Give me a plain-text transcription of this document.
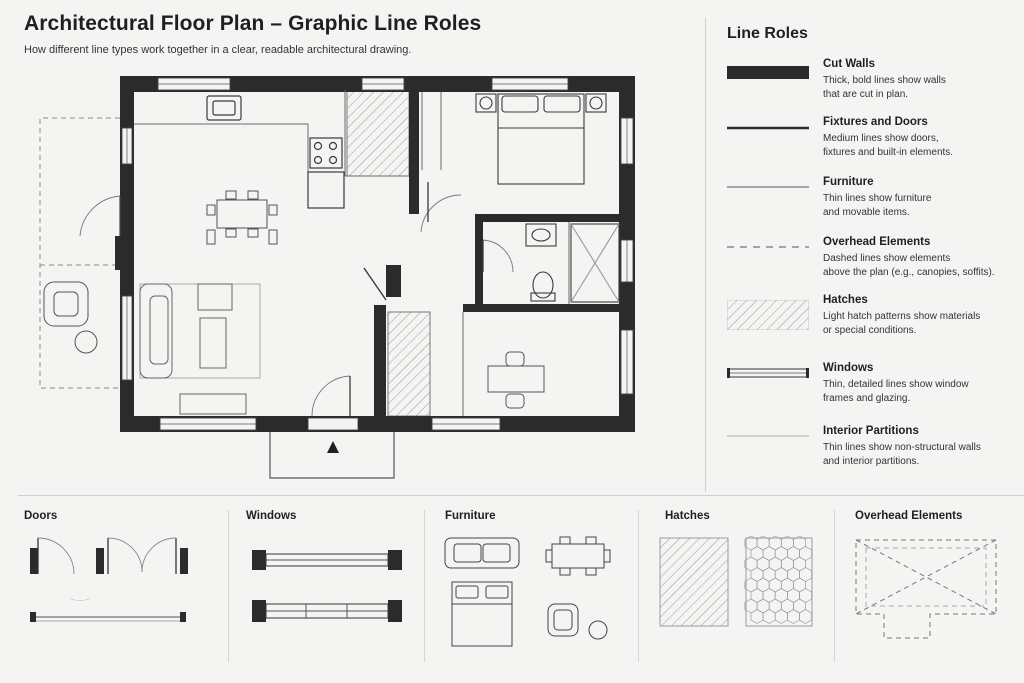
Architectural Floor Plan – Graphic Line Roles
How different line types work together in a clear, readable architectural drawing.
Line Roles
Cut Walls
Thick, bold lines show walls
that are cut in plan.
Fixtures and Doors
Medium lines show doors,
fixtures and built-in elements.
Furniture
Thin lines show furniture
and movable items.
Overhead Elements
Dashed lines show elements
above the plan (e.g., canopies, soffits).
Hatches
Light hatch patterns show materials
or special conditions.
Windows
Thin, detailed lines show window
frames and glazing.
Interior Partitions
Thin lines show non-structural walls
and interior partitions.
Doors	Windows	Furniture	Hatches	Overhead Elements
